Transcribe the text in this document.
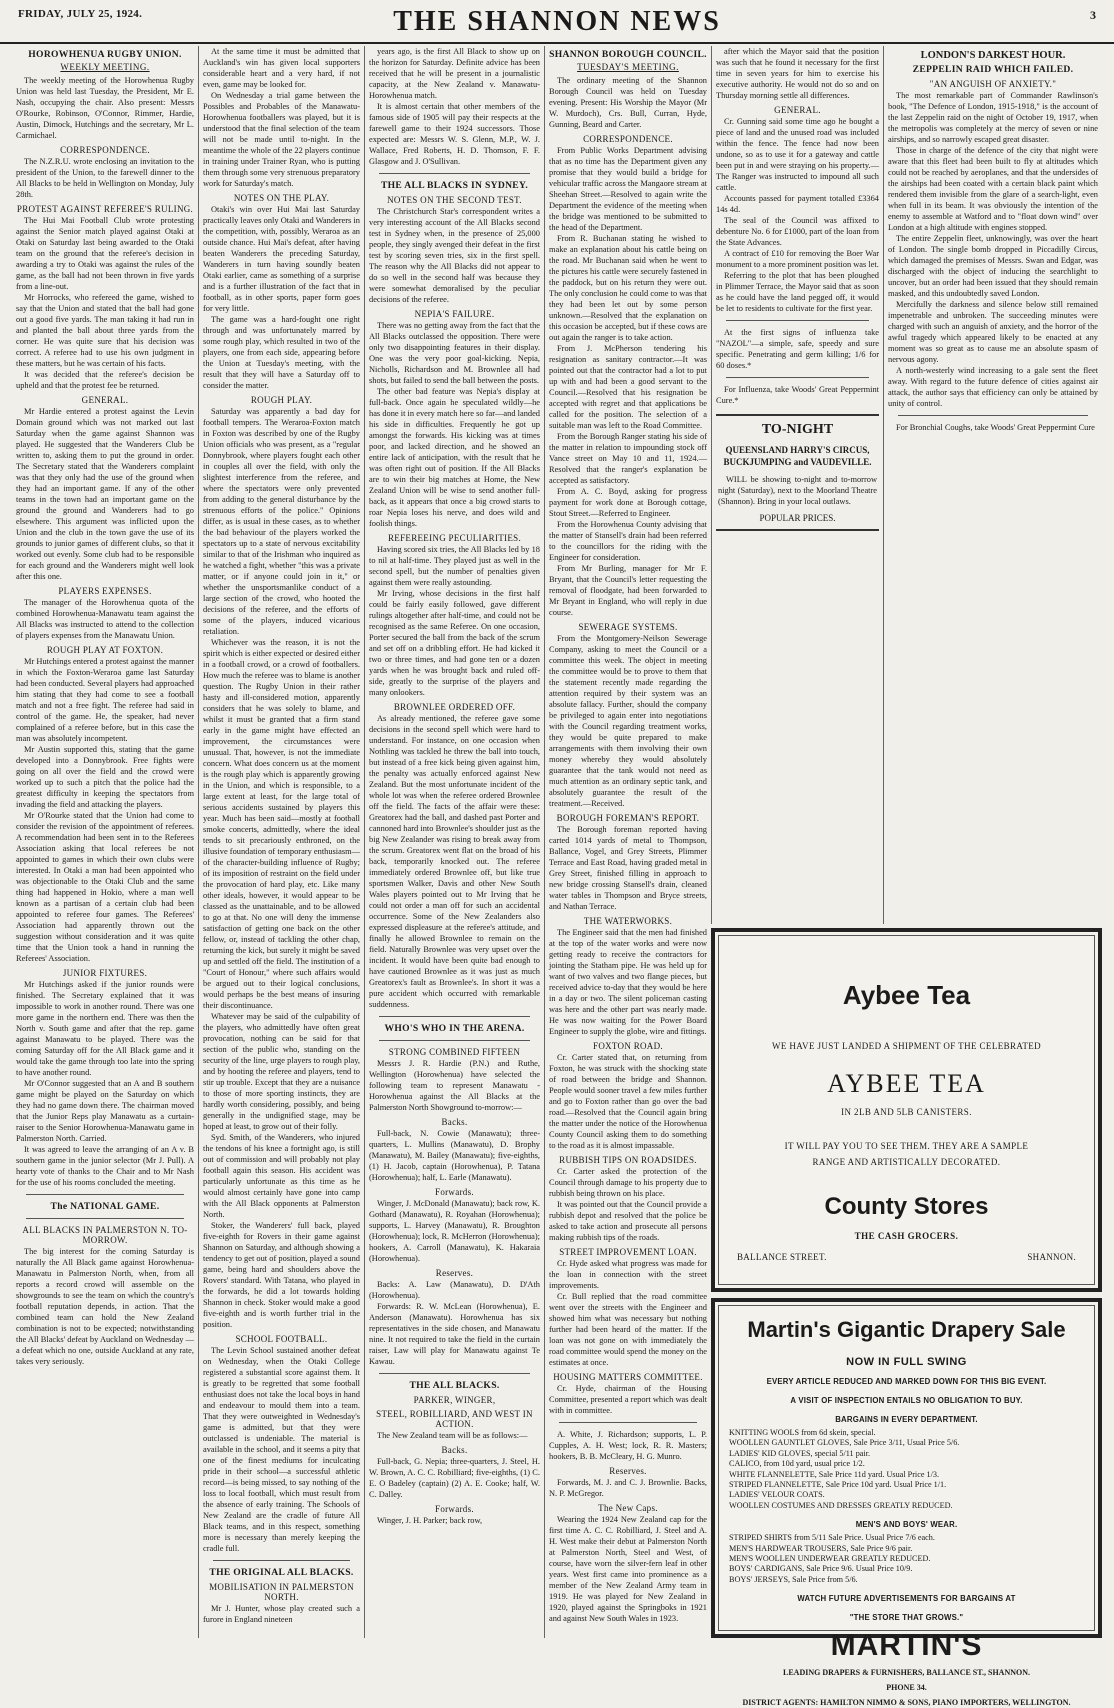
FRIDAY, JULY 25, 1924.	THE SHANNON NEWS	3
HOROWHENUA RUGBY UNION.
WEEKLY MEETING.

The weekly meeting of the Horowhenua Rugby Union was held last Tuesday, the President, Mr E. Nash, occupying the chair. Also present: Messrs O'Rourke, Robinson, O'Connor, Rimmer, Hardie, Austin, Dimock, Hutchings and the secretary, Mr L. Carmichael.

CORRESPONDENCE.

The N.Z.R.U. wrote enclosing an invitation to the president of the Union, to the farewell dinner to the All Blacks to be held in Wellington on Monday, July 28th.

PROTEST AGAINST REFEREE'S RULING.

The Hui Mai Football Club wrote protesting against the Senior match played against Otaki at Otaki on Saturday last being awarded to the Otaki team on the ground that the referee's decision in awarding a try to Otaki was against the rules of the game, as the ball had not been thrown in five yards from a line-out.

Mr Horrocks, who refereed the game, wished to say that the Union and stated that the ball had gone out a good five yards. The man taking it had run in and planted the ball about three yards from the corner. He was quite sure that his decision was correct. A referee had to use his own judgment in these matters, but he was certain of his facts.

It was decided that the referee's decision be upheld and that the protest fee be returned.

GENERAL.

Mr Hardie entered a protest against the Levin Domain ground which was not marked out last Saturday when the game against Shannon was played. He suggested that the Wanderers Club be written to, asking them to put the ground in order. The Secretary stated that the Wanderers complaint was that they only had the use of the ground when they had an important game. If any of the other teams in the town had an important game on the ground the ground and Wanderers had to go elsewhere. This argument was inflicted upon the Union and the club in the town gave the use of its grounds to junior games of different clubs, so that it worked out evenly. Some club had to be responsible for each ground and the Wanderers might well look after this one.

PLAYERS EXPENSES.

The manager of the Horowhenua quota of the combined Horowhenua-Manawatu team against the All Blacks was instructed to attend to the collection of players expenses from the Manawatu Union.

ROUGH PLAY AT FOXTON.

Mr Hutchings entered a protest against the manner in which the Foxton-Weraroa game last Saturday had been conducted. Several players had approached him stating that they had come to see a football match and not a free fight. The referee had said in control of the game. He, the speaker, had never complained of a referee before, but in this case the man was absolutely incompetent.

Mr Austin supported this, stating that the game developed into a Donnybrook. Free fights were going on all over the field and the crowd were worked up to such a pitch that the police had the greatest difficulty in keeping the spectators from invading the field and attacking the players.

Mr O'Rourke stated that the Union had come to consider the revision of the appointment of referees. A recommendation had been sent in to the Referees Association asking that local referees be not appointed to games in which their own clubs were interested. In Otaki a man had been appointed who was objectionable to the Otaki Club and the same thing had happened in Hokio, where a man well known as a partisan of a certain club had been appointed to referee four games. The Referees' Association had apparently thrown out the suggestion without consideration and it was quite time that the Union took a hand in running the Referees' Association.

JUNIOR FIXTURES.

Mr Hutchings asked if the junior rounds were finished. The Secretary explained that it was impossible to work in another round. There was one more game in the northern end. There was then the North v. South game and after that the rep. game against Manawatu to be played. There was the coming Saturday off for the All Black game and it would take the game through too late into the spring to have another round.

Mr O'Connor suggested that an A and B southern game might be played on the Saturday on which they had no game down there. The chairman moved that the Junior Reps play Manawatu as a curtain-raiser to the Senior Horowhenua-Manawatu game in Palmerston North. Carried.

It was agreed to leave the arranging of an A v. B southern game in the junior selector (Mr J. Pull). A hearty vote of thanks to the Chair and to Mr Nash for the use of his rooms concluded the meeting.

The NATIONAL GAME.
ALL BLACKS IN PALMERSTON N. TO-MORROW.

The big interest for the coming Saturday is naturally the All Black game against Horowhenua-Manawatu in Palmerston North, when, from all reports a record crowd will assemble on the showgrounds to see the team on which the country's football reputation depends, in action. That the combined team can hold the New Zealand combination is not to be expected; notwithstanding the All Blacks' defeat by Auckland on Wednesday — a defeat which no one, outside Auckland at any rate, takes very seriously.

At the same time it must be admitted that Auckland's win has given local supporters considerable heart and a very hard, if not even, game may be looked for.

On Wednesday a trial game between the Possibles and Probables of the Manawatu-Horowhenua footballers was played, but it is understood that the final selection of the team will not be made until to-night. In the meantime the whole of the 22 players continue in training under Trainer Ryan, who is putting them through some very strenuous preparatory work for Saturday's match.

NOTES ON THE PLAY.

Otaki's win over Hui Mai last Saturday practically leaves only Otaki and Wanderers in the competition, with, possibly, Weraroa as an outside chance. Hui Mai's defeat, after having beaten Wanderers the preceding Saturday, Wanderers in turn having soundly beaten Otaki earlier, came as something of a surprise and is a further illustration of the fact that in football, as in other sports, paper form goes for very little.

The game was a hard-fought one right through and was unfortunately marred by some rough play, which resulted in two of the players, one from each side, appearing before the Union at Tuesday's meeting, with the result that they will have a Saturday off to consider the matter.

ROUGH PLAY.

Saturday was apparently a bad day for football tempers. The Weraroa-Foxton match in Foxton was described by one of the Rugby Union officials who was present, as a "regular Donnybrook, where players fought each other in couples all over the field, with only the slightest interference from the referee, and where the spectators were only prevented from adding to the general disturbance by the strenuous efforts of the police." Opinions differ, as is usual in these cases, as to whether the bad behaviour of the players worked the spectators up to a state of nervous excitability similar to that of the Irishman who inquired as he watched a fight, whether "this was a private matter, or if anyone could join in it," or whether the unsportsmanlike conduct of a large section of the crowd, who hooted the decisions of the referee, and the efforts of some of the players, induced vicarious retaliation.

Whichever was the reason, it is not the spirit which is either expected or desired either in a football crowd, or a crowd of footballers. How much the referee was to blame is another question. The Rugby Union in their rather hasty and ill-considered motion, apparently considers that he was solely to blame, and whilst it must be granted that a firm stand early in the game might have effected an improvement, the circumstances were unusual. That, however, is not the immediate concern. What does concern us at the moment is the rough play which is apparently growing in the Union, and which is responsible, to a large extent at least, for the large total of serious accidents sustained by players this year. Much has been said—mostly at football smoke concerts, admittedly, where the ideal tends to sit precariously enthroned, on the illusive foundation of temporary enthusiasm—of the character-building influence of Rugby; of its imposition of restraint on the field under the provocation of hard play, etc. Like many other ideals, however, it would appear to be classed as the unattainable, and to be allowed to go at that. No one will deny the immense satisfaction of getting one back on the other fellow, or, instead of tackling the other chap, returning the kick, but surely it might be saved up and settled off the field. The institution of a "Court of Honour," where such affairs would be argued out to their logical conclusions, would perhaps be the best means of insuring their discontinuance.

Whatever may be said of the culpability of the players, who admittedly have often great provocation, nothing can be said for that section of the public who, standing on the security of the line, urge players to rough play, and by hooting the referee and players, tend to stir up trouble. Except that they are a nuisance to those of more sporting instincts, they are hardly worth considering, possibly, and being generally in the undignified stage, may be hoped at least, to grow out of their folly.

Syd. Smith, of the Wanderers, who injured the tendons of his knee a fortnight ago, is still out of commission and will probably not play football again this season. His accident was particularly unfortunate as this time as he would almost certainly have gone into camp with the All Black opponents at Palmerston North.

Stoker, the Wanderers' full back, played five-eighth for Rovers in their game against Shannon on Saturday, and although showing a tendency to get out of position, played a sound game, being hard and shoulders above the Rovers' standard. With Tatana, who played in the forwards, he did a lot towards holding Shannon in check. Stoker would make a good five-eighth and is worth further trial in the position.

SCHOOL FOOTBALL.

The Levin School sustained another defeat on Wednesday, when the Otaki College registered a substantial score against them. It is greatly to be regretted that some football enthusiast does not take the local boys in hand and endeavour to mould them into a team. That they were outweighted in Wednesday's game is admitted, but that they were outclassed is undeniable. The material is available in the school, and it seems a pity that one of the finest mediums for inculcating pride in their school—a successful athletic record—is being missed, to say nothing of the loss to local football, which must result from the absence of early training. The Schools of New Zealand are the cradle of future All Black teams, and in this respect, something more is necessary than merely keeping the cradle full.

THE ORIGINAL ALL BLACKS.
MOBILISATION IN PALMERSTON NORTH.

Mr J. Hunter, whose play created such a furore in England nineteen

years ago, is the first All Black to show up on the horizon for Saturday. Definite advice has been received that he will be present in a journalistic capacity, at the New Zealand v. Manawatu-Horowhenua match.

It is almost certain that other members of the famous side of 1905 will pay their respects at the farewell game to their 1924 successors. Those expected are: Messrs W. S. Glenn, M.P., W. J. Wallace, Fred Roberts, H. D. Thomson, F. F. Glasgow and J. O'Sullivan.

THE ALL BLACKS IN SYDNEY.
NOTES ON THE SECOND TEST.

The Christchurch Star's correspondent writes a very interesting account of the All Blacks second test in Sydney when, in the presence of 25,000 people, they singly avenged their defeat in the first test by scoring seven tries, six in the first spell. The reason why the All Blacks did not appear to do so well in the second half was because they were somewhat demoralised by the peculiar decisions of the referee.

NEPIA'S FAILURE.

There was no getting away from the fact that the All Blacks outclassed the opposition. There were only two disappointing features in their display. One was the very poor goal-kicking. Nepia, Nicholls, Richardson and M. Brownlee all had shots, but failed to send the ball between the posts.

The other bad feature was Nepia's display at full-back. Once again he speculated wildly—he has done it in every match here so far—and landed his side in difficulties. Frequently he got up amongst the forwards. His kicking was at times poor, and lacked direction, and he showed an entire lack of anticipation, with the result that he was often right out of position. If the All Blacks are to win their big matches at Home, the New Zealand Union will be wise to send another full-back, as it appears that once a big crowd starts to roar Nepia loses his nerve, and does wild and foolish things.

REFEREEING PECULIARITIES.

Having scored six tries, the All Blacks led by 18 to nil at half-time. They played just as well in the second spell, but the number of penalties given against them were really astounding.

Mr Irving, whose decisions in the first half could be fairly easily followed, gave different rulings altogether after half-time, and could not be recognised as the same Referee. On one occasion, Porter secured the ball from the back of the scrum and set off on a dribbling effort. He had kicked it two or three times, and had gone ten or a dozen yards when he was brought back and ruled off-side, greatly to the surprise of the players and many onlookers.

BROWNLEE ORDERED OFF.

As already mentioned, the referee gave some decisions in the second spell which were hard to understand. For instance, on one occasion when Nothling was tackled he threw the ball into touch, but instead of a free kick being given against him, the penalty was actually enforced against New Zealand. But the most unfortunate incident of the whole lot was when the referee ordered Brownlee off the field. The facts of the affair were these: Greatorex had the ball, and dashed past Porter and cannoned hard into Brownlee's shoulder just as the big New Zealander was rising to break away from the scrum. Greatorex went flat on the broad of his back, temporarily knocked out. The referee immediately ordered Brownlee off, but like true sportsmen Walker, Davis and other New South Wales players pointed out to Mr Irving that he could not order a man off for such an accidental occurrence. Some of the New Zealanders also expressed displeasure at the referee's attitude, and finally he allowed Brownlee to remain on the field. Naturally Brownlee was very upset over the incident. It would have been quite bad enough to have cautioned Brownlee as it was just as much Greatorex's fault as Brownlee's. In short it was a pure accident which occurred with remarkable suddenness.

WHO'S WHO IN THE ARENA.
STRONG COMBINED FIFTEEN

Messrs J. R. Hardie (P.N.) and Ruthe, Wellington (Horowhenua) have selected the following team to represent Manawatu - Horowhenua against the All Blacks at the Palmerston North Showground to-morrow:—

Backs.

Full-back, N. Cowie (Manawatu); three-quarters, L. Mullins (Manawatu), D. Brophy (Manawatu), M. Bailey (Manawatu); five-eighths, (1) H. Jacob, captain (Horowhenua), P. Tatana (Horowhenua); half, L. Earle (Manawatu).

Forwards.

Winger, J. McDonald (Manawatu); back row, K. Gothard (Manawatu), R. Royahan (Horowhenua); supports, L. Harvey (Manawatu), R. Broughton (Horowhenua); lock, R. McHerron (Horowhenua); hookers, A. Carroll (Manawatu), K. Hakaraia (Horowhenua).

Reserves.

Backs: A. Law (Manawatu), D. D'Ath (Horowhenua).

Forwards: R. W. McLean (Horowhenua), E. Anderson (Manawatu). Horowhenua has six representatives in the side chosen, and Manawatu nine. It not required to take the field in the curtain raiser, Law will play for Manawatu against Te Kawau.

THE ALL BLACKS.
PARKER, WINGER,
STEEL, ROBILLIARD, AND WEST IN ACTION.

The New Zealand team will be as follows:—

Backs.

Full-back, G. Nepia; three-quarters, J. Steel, H. W. Brown, A. C. C. Robilliard; five-eighths, (1) C. E. O Badeley (captain) (2) A. E. Cooke; half, W. C. Dalley.

Forwards.

Winger, J. H. Parker; back row,

SHANNON BOROUGH COUNCIL.
TUESDAY'S MEETING.

The ordinary meeting of the Shannon Borough Council was held on Tuesday evening. Present: His Worship the Mayor (Mr W. Murdoch), Crs. Bull, Curran, Hyde, Gunning, Beard and Carter.

CORRESPONDENCE.

From Public Works Department advising that as no time has the Department given any promise that they would build a bridge for vehicular traffic across the Mangaore stream at Sheehan Street.—Resolved to again write the Department the evidence of the meeting when the bridge was mentioned to be submitted to the head of the Department.

From R. Buchanan stating he wished to make an explanation about his cattle being on the road. Mr Buchanan said when he went to the pictures his cattle were securely fastened in the paddock, but on his return they were out. The only conclusion he could come to was that they had been let out by some person unknown.—Resolved that the explanation on this occasion be accepted, but if these cows are out again the ranger is to take action.

From J. McPherson tendering his resignation as sanitary contractor.—It was pointed out that the contractor had a lot to put up with and had been a good servant to the Council.—Resolved that his resignation be accepted with regret and that applications be called for the position. The selection of a suitable man was left to the Road Committee.

From the Borough Ranger stating his side of the matter in relation to impounding stock off Vance street on May 10 and 11, 1924.—Resolved that the ranger's explanation be accepted as satisfactory.

From A. C. Boyd, asking for progress payment for work done at Borough cottage, Stout Street.—Referred to Engineer.

From the Horowhenua County advising that the matter of Stansell's drain had been referred to the councillors for the riding with the Engineer for consideration.

From Mr Burling, manager for Mr F. Bryant, that the Council's letter requesting the removal of floodgate, had been forwarded to Mr Bryant in England, who will reply in due course.

SEWERAGE SYSTEMS.

From the Montgomery-Neilson Sewerage Company, asking to meet the Council or a committee this week. The object in meeting the committee would be to prove to them that the statement recently made regarding the attention required by their system was an absolute fallacy. Further, should the company be privileged to again enter into negotiations with the Council regarding treatment works, they would be quite prepared to make arrangements with them involving their own money whereby they would absolutely guarantee that the tank would not need as much attention as an ordinary septic tank, and absolutely guarantee the result of the treatment.—Received.

BOROUGH FOREMAN'S REPORT.

The Borough foreman reported having carted 1014 yards of metal to Thompson, Ballance, Vogel, and Grey Streets, Plimmer Terrace and East Road, having graded metal in Grey Street, finished filling in approach to new bridge crossing Stansell's drain, cleaned water tables in Thompson and Bryce streets, and Nathan Terrace.

THE WATERWORKS.

The Engineer said that the men had finished at the top of the water works and were now getting ready to receive the contractors for jointing the Statham pipe. He was held up for want of two valves and two flange pieces, but received advice to-day that they would be here in a day or two. The silent policeman casting was here and the other part was nearly made. He was now waiting for the Power Board Engineer to supply the globe, wire and fittings.

FOXTON ROAD.

Cr. Carter stated that, on returning from Foxton, he was struck with the shocking state of road between the bridge and Shannon. People would sooner travel a few miles further and go to Foxton rather than go over the bad road.—Resolved that the Council again bring the matter under the notice of the Horowhenua County Council asking them to do something to the road as it is almost impassable.

RUBBISH TIPS ON ROADSIDES.

Cr. Carter asked the protection of the Council through damage to his property due to rubbish being thrown on his place.

It was pointed out that the Council provide a rubbish depot and resolved that the police be asked to take action and prosecute all persons making rubbish tips of the roads.

STREET IMPROVEMENT LOAN.

Cr. Hyde asked what progress was made for the loan in connection with the street improvements.

Cr. Bull replied that the road committee went over the streets with the Engineer and showed him what was necessary but nothing further had been heard of the matter. If the loan was not gone on with immediately the road committee would spend the money on the estimates at once.

HOUSING MATTERS COMMITTEE.

Cr. Hyde, chairman of the Housing Committee, presented a report which was dealt with in committee.

A. White, J. Richardson; supports, L. P. Cupples, A. H. West; lock, R. R. Masters; hookers, B. B. McCleary, H. G. Munro.

Reserves.

Forwards, M. J. and C. J. Brownlie. Backs, N. P. McGregor.

The New Caps.

Wearing the 1924 New Zealand cap for the first time A. C. C. Robilliard, J. Steel and A. H. West make their debut at Palmerston North at Palmerston North, Steel and West, of course, have worn the silver-fern leaf in other years. West first came into prominence as a member of the New Zealand Army team in 1919. He was played for New Zealand in 1920, played against the Springboks in 1921 and against New South Wales in 1923.

after which the Mayor said that the position was such that he found it necessary for the first time in seven years for him to exercise his executive authority. He would not do so and on Thursday morning settle all differences.

GENERAL.

Cr. Gunning said some time ago he bought a piece of land and the unused road was included within the fence. The fence had now been undone, so as to use it for a gateway and cattle been put in and were straying on his property.—The Ranger was instructed to impound all such cattle.

Accounts passed for payment totalled £3364 14s 4d.

The seal of the Council was affixed to debenture No. 6 for £1000, part of the loan from the State Advances.

A contract of £10 for removing the Boer War monument to a more prominent position was let.

Referring to the plot that has been ploughed in Plimmer Terrace, the Mayor said that as soon as he could have the land pegged off, it would be let to residents to cultivate for the first year.

At the first signs of influenza take "NAZOL"—a simple, safe, speedy and sure specific. Penetrating and germ killing; 1/6 for 60 doses.*

For Influenza, take Woods' Great Peppermint Cure.*

TO-NIGHT
QUEENSLAND HARRY'S CIRCUS, BUCKJUMPING and VAUDEVILLE.

WILL be showing to-night and to-morrow night (Saturday), next to the Moorland Theatre (Shannon). Bring in your local outlaws.

POPULAR PRICES.
LONDON'S DARKEST HOUR.
ZEPPELIN RAID WHICH FAILED.
"AN ANGUISH OF ANXIETY."

The most remarkable part of Commander Rawlinson's book, "The Defence of London, 1915-1918," is the account of the last Zeppelin raid on the night of October 19, 1917, when the metropolis was completely at the mercy of seven or nine airships, and so narrowly escaped great disaster.

Those in charge of the defence of the city that night were aware that this fleet had been built to fly at altitudes which could not be reached by aeroplanes, and that the undersides of the airships had been coated with a certain black paint which rendered them invisible from the glare of a search-light, even when full in its beam. It was obviously the intention of the enemy to assemble at Watford and to "float down wind" over London at a high altitude with engines stopped.

The entire Zeppelin fleet, unknowingly, was over the heart of London. The single bomb dropped in Piccadilly Circus, which damaged the premises of Messrs. Swan and Edgar, was discharged with the object of inducing the searchlight to uncover, but an order had been issued that they should remain masked, and this undoubtedly saved London.

Mercifully the darkness and silence below still remained impenetrable and unbroken. The succeeding minutes were charged with such an anguish of anxiety, and the horror of the awful tragedy which appeared likely to be enacted at any moment was so great as to cause me an absolute spasm of nervous agony.

A north-westerly wind increasing to a gale sent the fleet away. With regard to the future defence of cities against air attack, the author says that efficiency can only be attained by unity of control.

For Bronchial Coughs, take Woods' Great Peppermint Cure

Aybee Tea
WE HAVE JUST LANDED A SHIPMENT OF THE CELEBRATED
AYBEE TEA
IN 2LB AND 5LB CANISTERS.
IT WILL PAY YOU TO SEE THEM. THEY ARE A SAMPLE
RANGE AND ARTISTICALLY DECORATED.
County Stores
THE CASH GROCERS.
BALLANCE STREET.	SHANNON.
Martin's Gigantic Drapery Sale
NOW IN FULL SWING
EVERY ARTICLE REDUCED AND MARKED DOWN FOR THIS BIG EVENT.
A VISIT OF INSPECTION ENTAILS NO OBLIGATION TO BUY.
BARGAINS IN EVERY DEPARTMENT.
KNITTING WOOLS from 6d skein, special.
WOOLLEN GAUNTLET GLOVES, Sale Price 3/11, Usual Price 5/6.
LADIES' KID GLOVES, special 5/11 pair.
CALICO, from 10d yard, usual price 1/2.
WHITE FLANNELETTE, Sale Price 11d yard. Usual Price 1/3.
STRIPED FLANNELETTE, Sale Price 10d yard. Usual Price 1/1.
LADIES' VELOUR COATS.
WOOLLEN COSTUMES AND DRESSES GREATLY REDUCED.
MEN'S AND BOYS' WEAR.
STRIPED SHIRTS from 5/11 Sale Price. Usual Price 7/6 each.
MEN'S HARDWEAR TROUSERS, Sale Price 9/6 pair.
MEN'S WOOLLEN UNDERWEAR GREATLY REDUCED.
BOYS' CARDIGANS, Sale Price 9/6. Usual Price 10/9.
BOYS' JERSEYS, Sale Price from 5/6.
WATCH FUTURE ADVERTISEMENTS FOR BARGAINS AT
"THE STORE THAT GROWS."
MARTIN'S
LEADING DRAPERS & FURNISHERS, BALLANCE ST., SHANNON.
PHONE 34.
DISTRICT AGENTS: HAMILTON NIMMO & SONS, PIANO IMPORTERS, WELLINGTON.
